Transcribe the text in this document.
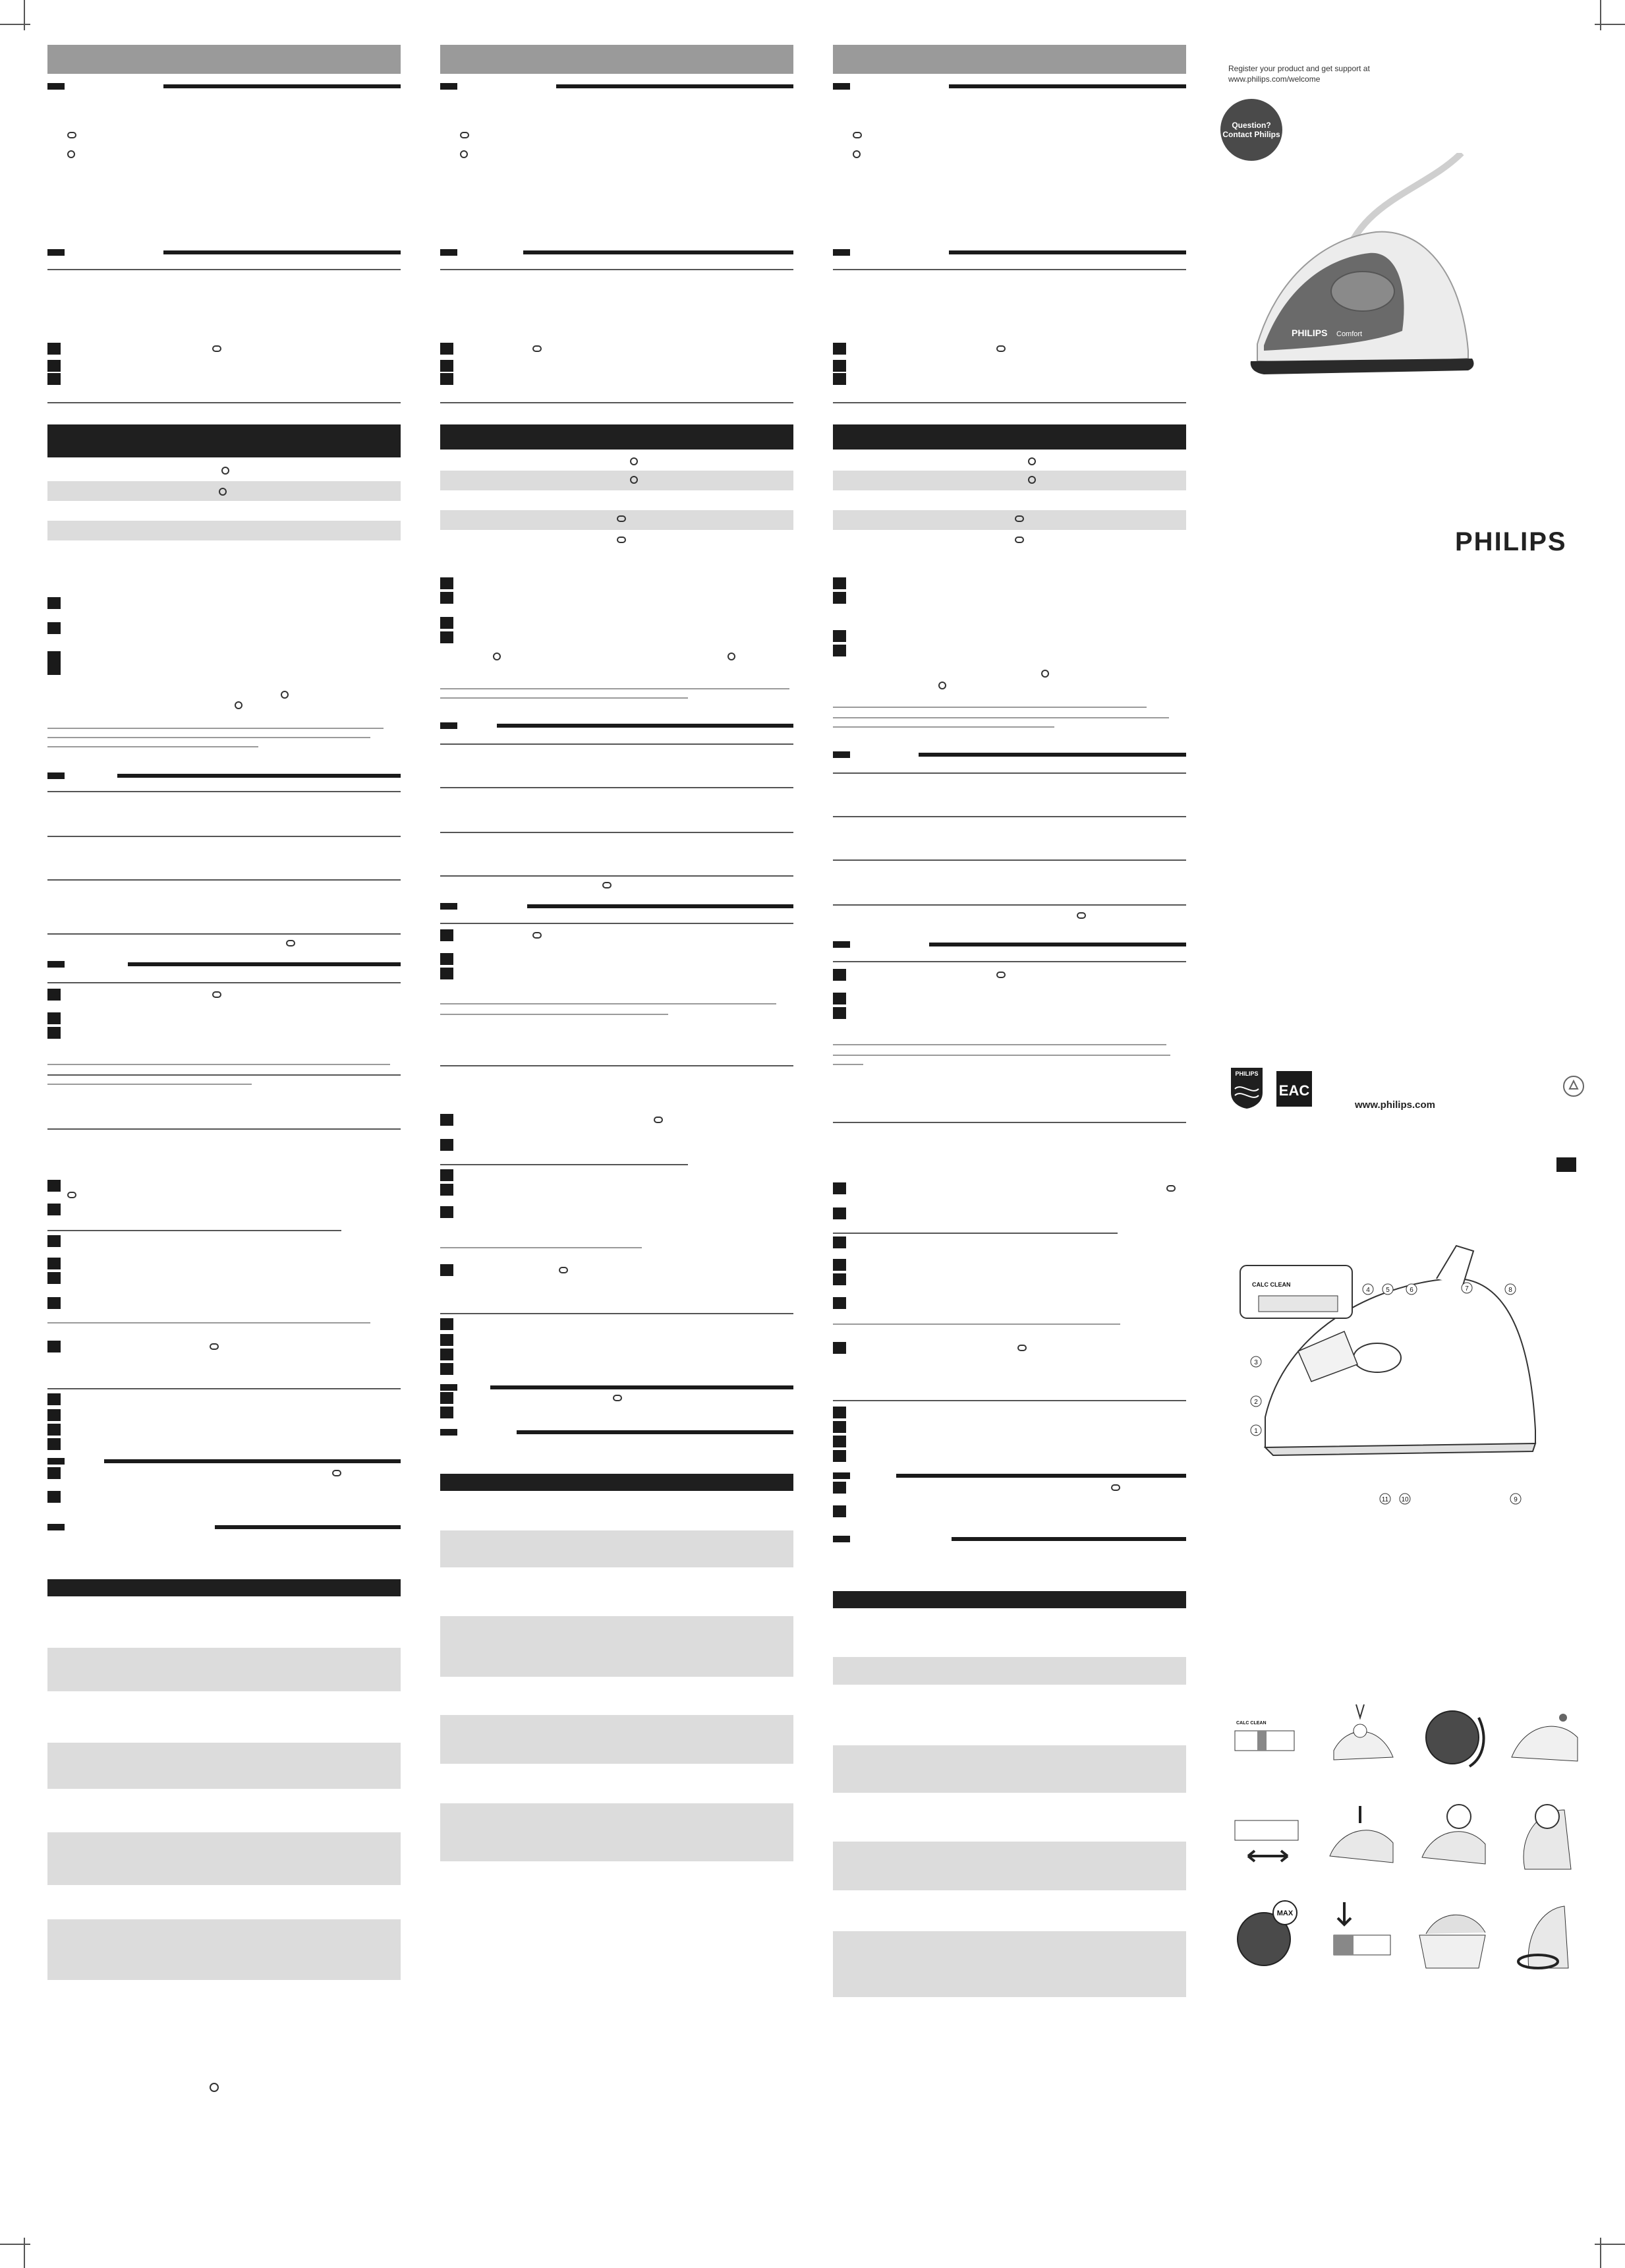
Register your product and get support at www.philips.com/welcome

Question? Contact Philips
PHILIPS Comfort
PHILIPS
PHILIPS
EAC
www.philips.com
CALC CLEAN
1
2
3
4 5	6	7	8
9
10
11
CALC CLEAN
MAX
